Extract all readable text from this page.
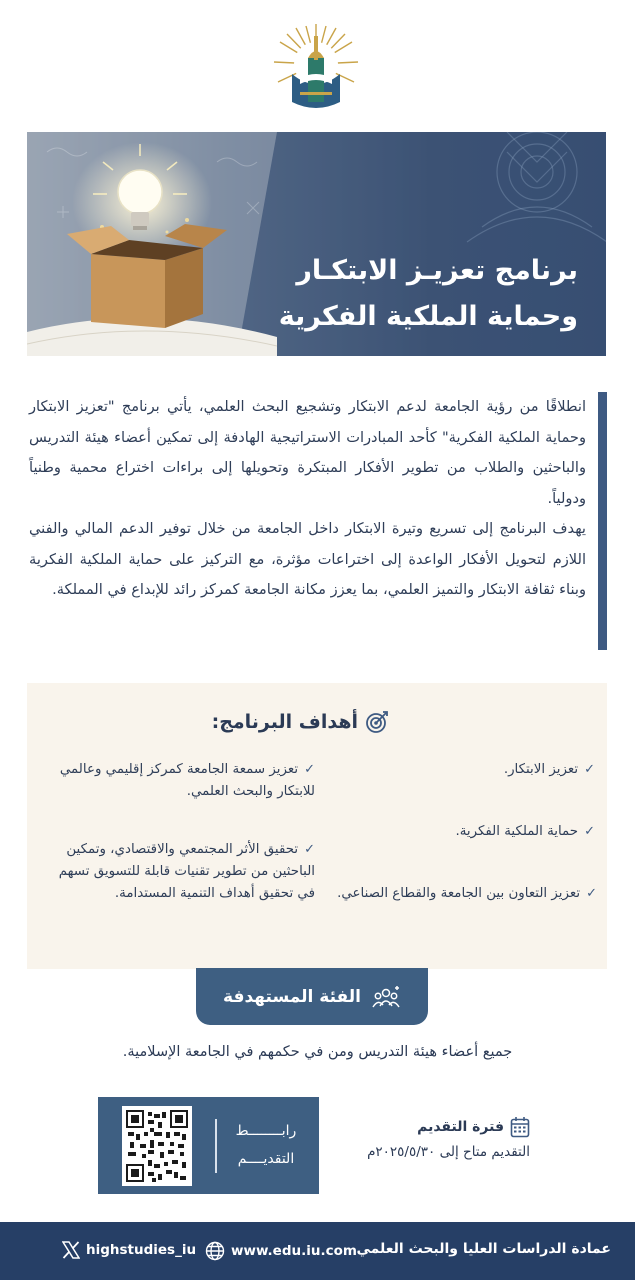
برنامج تعزيـز الابتكـار
وحماية الملكية الفكرية

انطلاقًا من رؤية الجامعة لدعم الابتكار وتشجيع البحث العلمي، يأتي برنامج "تعزيز الابتكار وحماية الملكية الفكرية" كأحد المبادرات الاستراتيجية الهادفة إلى تمكين أعضاء هيئة التدريس والباحثين والطلاب من تطوير الأفكار المبتكرة وتحويلها إلى براءات اختراع محمية وطنياً ودولياً.

يهدف البرنامج إلى تسريع وتيرة الابتكار داخل الجامعة من خلال توفير الدعم المالي والفني اللازم لتحويل الأفكار الواعدة إلى اختراعات مؤثرة، مع التركيز على حماية الملكية الفكرية وبناء ثقافة الابتكار والتميز العلمي، بما يعزز مكانة الجامعة كمركز رائد للإبداع في المملكة.

أهداف البرنامج:
✓تعزيز الابتكار.
✓حماية الملكية الفكرية.
✓تعزيز التعاون بين الجامعة والقطاع الصناعي.
✓تعزيز سمعة الجامعة كمركز إقليمي وعالمي للابتكار والبحث العلمي.
✓تحقيق الأثر المجتمعي والاقتصادي، وتمكين الباحثين من تطوير تقنيات قابلة للتسويق تسهم في تحقيق أهداف التنمية المستدامة.
الفئة المستهدفة
جميع أعضاء هيئة التدريس ومن في حكمهم في الجامعة الإسلامية.
رابــــــــط
التقديــــم
فترة التقديم
التقديم متاح إلى ٢٠٢٥/٥/٣٠م
عمادة الدراسات العليا والبحث العلمي
www.edu.iu.com
highstudies_iu
